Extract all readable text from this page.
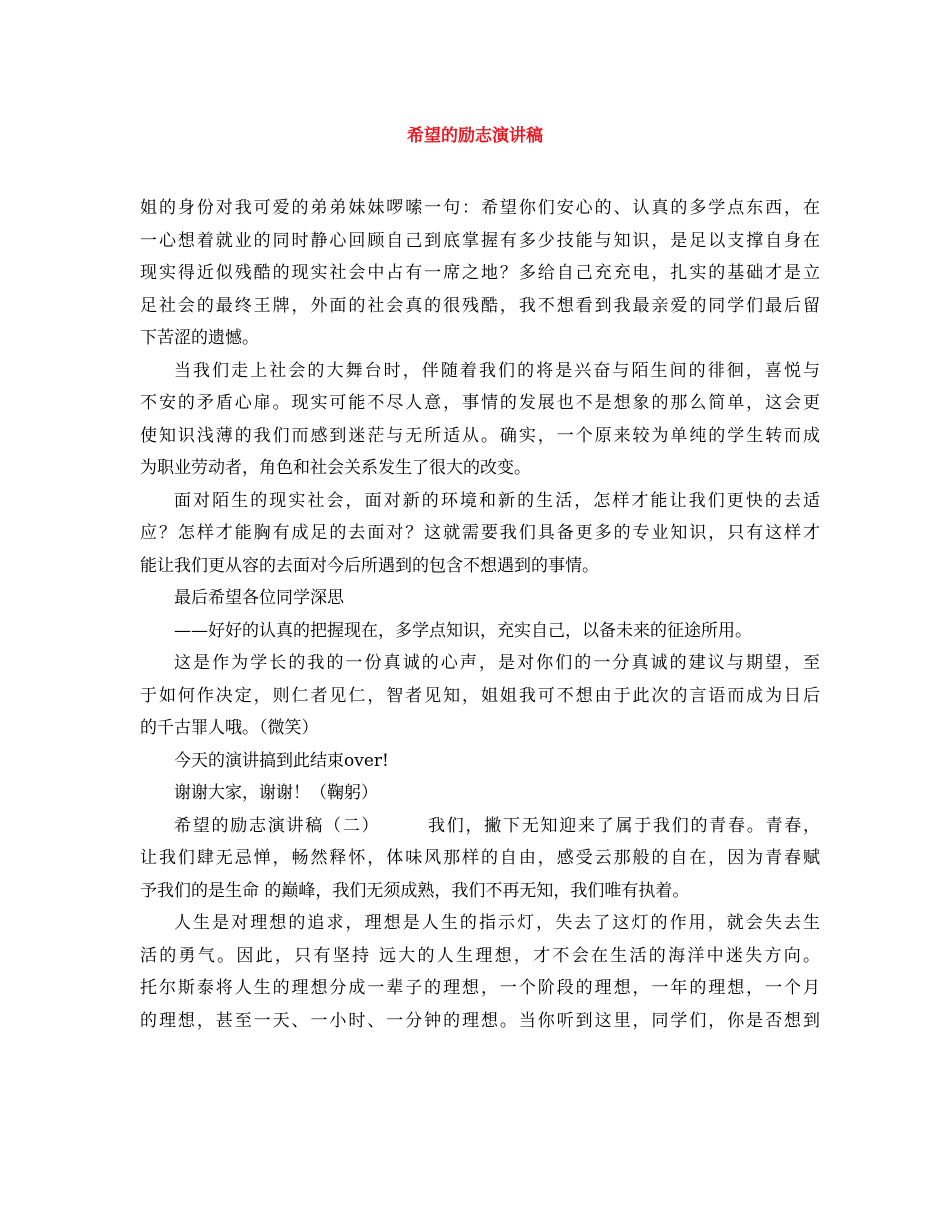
希望的励志演讲稿
姐的身份对我可爱的弟弟妹妹啰嗦一句：希望你们安心的、认真的多学点东西，在
一心想着就业的同时静心回顾自己到底掌握有多少技能与知识，是足以支撑自身在
现实得近似残酷的现实社会中占有一席之地？多给自己充充电，扎实的基础才是立
足社会的最终王牌，外面的社会真的很残酷，我不想看到我最亲爱的同学们最后留
下苦涩的遗憾。
当我们走上社会的大舞台时，伴随着我们的将是兴奋与陌生间的徘徊，喜悦与
不安的矛盾心扉。现实可能不尽人意，事情的发展也不是想象的那么简单，这会更
使知识浅薄的我们而感到迷茫与无所适从。确实，一个原来较为单纯的学生转而成
为职业劳动者，角色和社会关系发生了很大的改变。
面对陌生的现实社会，面对新的环境和新的生活，怎样才能让我们更快的去适
应？怎样才能胸有成足的去面对？这就需要我们具备更多的专业知识，只有这样才
能让我们更从容的去面对今后所遇到的包含不想遇到的事情。
最后希望各位同学深思
——好好的认真的把握现在，多学点知识，充实自己，以备未来的征途所用。
这是作为学长的我的一份真诚的心声，是对你们的一分真诚的建议与期望，至
于如何作决定，则仁者见仁，智者见知，姐姐我可不想由于此次的言语而成为日后
的千古罪人哦。（微笑）
今天的演讲搞到此结束over!
谢谢大家，谢谢！（鞠躬）
希望的励志演讲稿（二）　　　我们，撇下无知迎来了属于我们的青春。青春，
让我们肆无忌惮，畅然释怀，体味风那样的自由，感受云那般的自在，因为青春赋
予我们的是生命 的巅峰，我们无须成熟，我们不再无知，我们唯有执着。
人生是对理想的追求，理想是人生的指示灯，失去了这灯的作用，就会失去生
活的勇气。因此，只有坚持 远大的人生理想，才不会在生活的海洋中迷失方向。
托尔斯泰将人生的理想分成一辈子的理想，一个阶段的理想，一年的理想，一个月
的理想，甚至一天、一小时、一分钟的理想。当你听到这里，同学们，你是否想到
